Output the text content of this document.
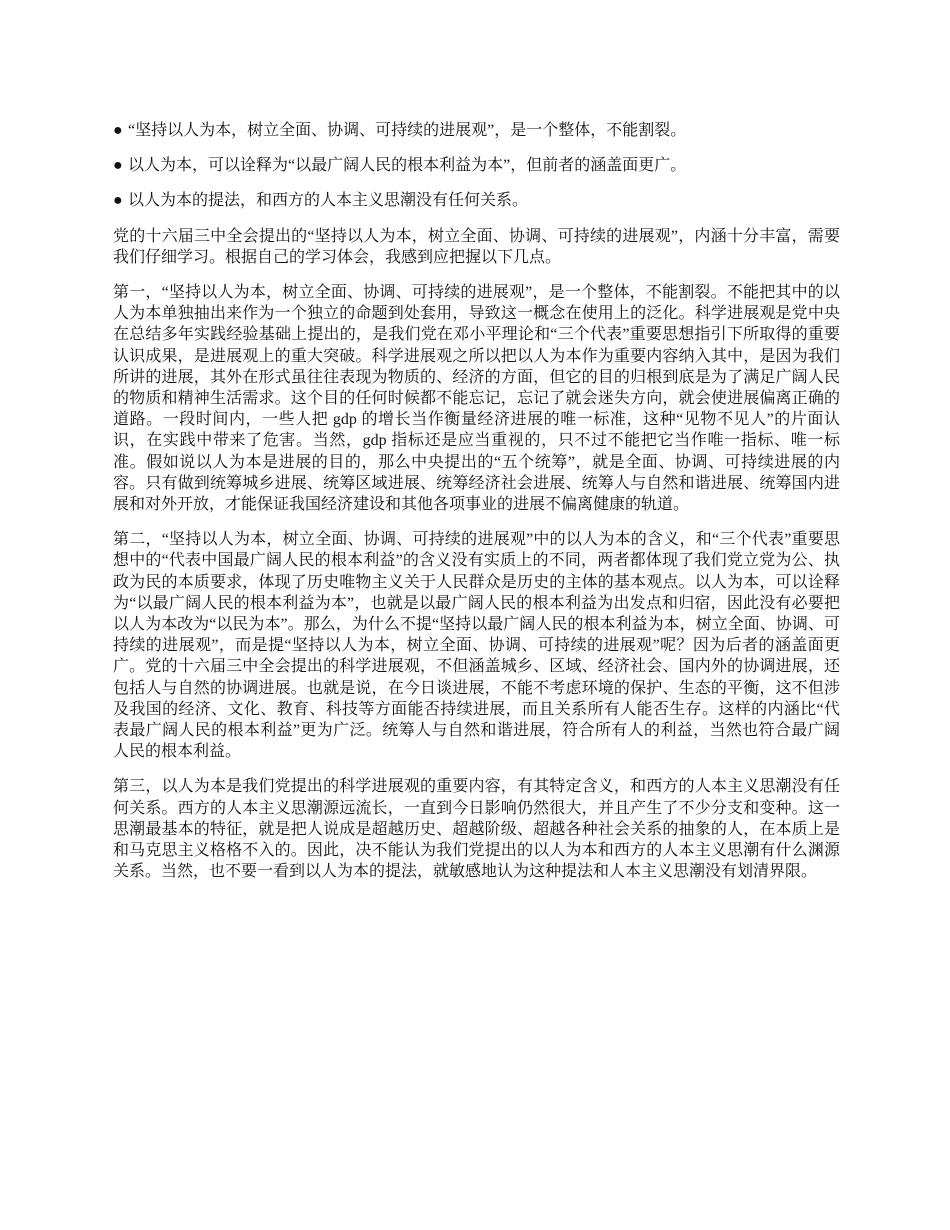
● “坚持以人为本，树立全面、协调、可持续的进展观”，是一个整体，不能割裂。
● 以人为本，可以诠释为“以最广阔人民的根本利益为本”，但前者的涵盖面更广。
● 以人为本的提法，和西方的人本主义思潮没有任何关系。

党的十六届三中全会提出的“坚持以人为本，树立全面、协调、可持续的进展观”，内涵十分丰富，需要我们仔细学习。根据自己的学习体会，我感到应把握以下几点。

第一，“坚持以人为本，树立全面、协调、可持续的进展观”，是一个整体，不能割裂。不能把其中的以人为本单独抽出来作为一个独立的命题到处套用，导致这一概念在使用上的泛化。科学进展观是党中央在总结多年实践经验基础上提出的，是我们党在邓小平理论和“三个代表”重要思想指引下所取得的重要认识成果，是进展观上的重大突破。科学进展观之所以把以人为本作为重要内容纳入其中，是因为我们所讲的进展，其外在形式虽往往表现为物质的、经济的方面，但它的目的归根到底是为了满足广阔人民的物质和精神生活需求。这个目的任何时候都不能忘记，忘记了就会迷失方向，就会使进展偏离正确的道路。一段时间内，一些人把 gdp 的增长当作衡量经济进展的唯一标准，这种“见物不见人”的片面认识，在实践中带来了危害。当然，gdp 指标还是应当重视的，只不过不能把它当作唯一指标、唯一标准。假如说以人为本是进展的目的，那么中央提出的“五个统筹”，就是全面、协调、可持续进展的内容。只有做到统筹城乡进展、统筹区域进展、统筹经济社会进展、统筹人与自然和谐进展、统筹国内进展和对外开放，才能保证我国经济建设和其他各项事业的进展不偏离健康的轨道。

第二，“坚持以人为本，树立全面、协调、可持续的进展观”中的以人为本的含义，和“三个代表”重要思想中的“代表中国最广阔人民的根本利益”的含义没有实质上的不同，两者都体现了我们党立党为公、执政为民的本质要求，体现了历史唯物主义关于人民群众是历史的主体的基本观点。以人为本，可以诠释为“以最广阔人民的根本利益为本”，也就是以最广阔人民的根本利益为出发点和归宿，因此没有必要把以人为本改为“以民为本”。那么，为什么不提“坚持以最广阔人民的根本利益为本，树立全面、协调、可持续的进展观”，而是提“坚持以人为本，树立全面、协调、可持续的进展观”呢？因为后者的涵盖面更广。党的十六届三中全会提出的科学进展观，不但涵盖城乡、区域、经济社会、国内外的协调进展，还包括人与自然的协调进展。也就是说，在今日谈进展，不能不考虑环境的保护、生态的平衡，这不但涉及我国的经济、文化、教育、科技等方面能否持续进展，而且关系所有人能否生存。这样的内涵比“代表最广阔人民的根本利益”更为广泛。统筹人与自然和谐进展，符合所有人的利益，当然也符合最广阔人民的根本利益。

第三，以人为本是我们党提出的科学进展观的重要内容，有其特定含义，和西方的人本主义思潮没有任何关系。西方的人本主义思潮源远流长，一直到今日影响仍然很大，并且产生了不少分支和变种。这一思潮最基本的特征，就是把人说成是超越历史、超越阶级、超越各种社会关系的抽象的人，在本质上是和马克思主义格格不入的。因此，决不能认为我们党提出的以人为本和西方的人本主义思潮有什么渊源关系。当然，也不要一看到以人为本的提法，就敏感地认为这种提法和人本主义思潮没有划清界限。
